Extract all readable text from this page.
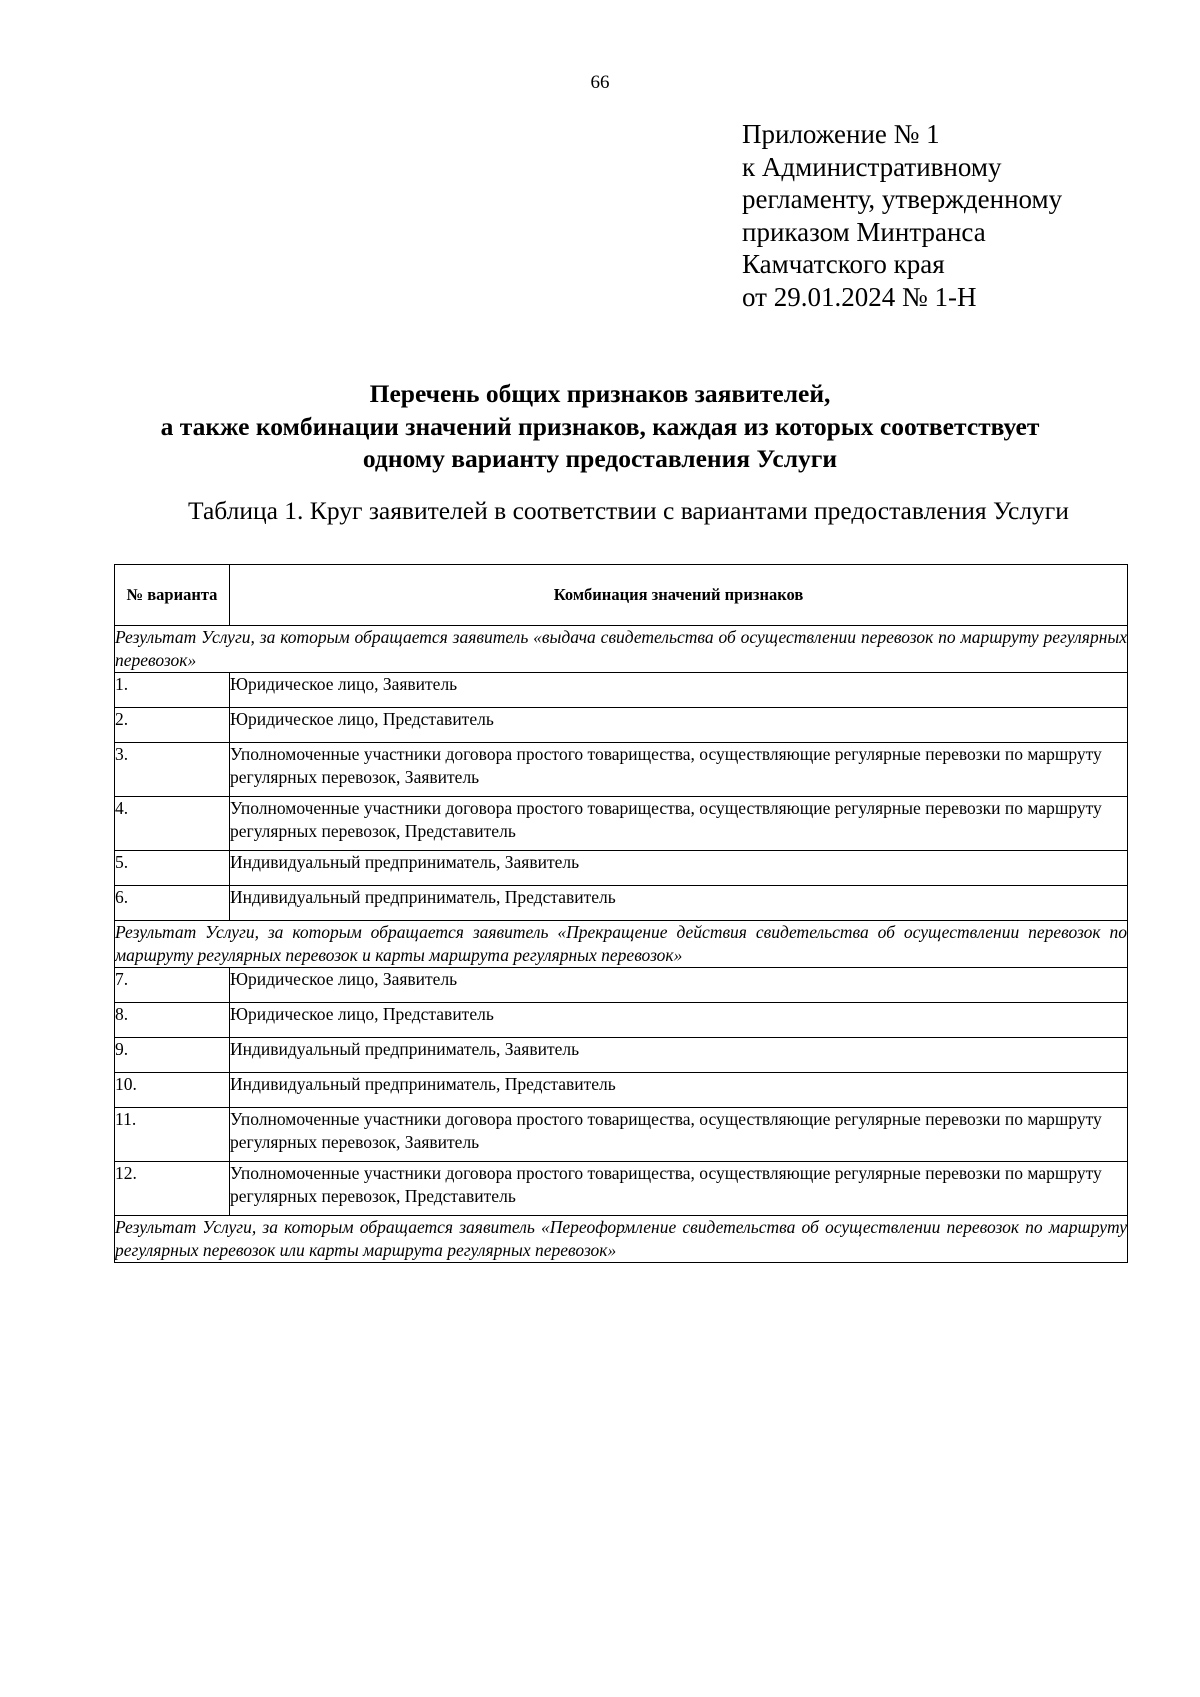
66
Приложение № 1
к Административному
регламенту, утвержденному
приказом Минтранса
Камчатского края
от 29.01.2024 № 1-Н
Перечень общих признаков заявителей,
а также комбинации значений признаков, каждая из которых соответствует
одному варианту предоставления Услуги
Таблица 1. Круг заявителей в соответствии с вариантами предоставления Услуги
№ варианта	Комбинация значений признаков
Результат Услуги, за которым обращается заявитель «выдача свидетельства об осуществлении перевозок по маршруту регулярных перевозок»	
1.	Юридическое лицо, Заявитель
2.	Юридическое лицо, Представитель
3.	Уполномоченные участники договора простого товарищества, осуществляющие регулярные перевозки по маршруту регулярных перевозок, Заявитель
4.	Уполномоченные участники договора простого товарищества, осуществляющие регулярные перевозки по маршруту регулярных перевозок, Представитель
5.	Индивидуальный предприниматель, Заявитель
6.	Индивидуальный предприниматель, Представитель
Результат Услуги, за которым обращается заявитель «Прекращение действия свидетельства об осуществлении перевозок по маршруту регулярных перевозок и карты маршрута регулярных перевозок»	
7.	Юридическое лицо, Заявитель
8.	Юридическое лицо, Представитель
9.	Индивидуальный предприниматель, Заявитель
10.	Индивидуальный предприниматель, Представитель
11.	Уполномоченные участники договора простого товарищества, осуществляющие регулярные перевозки по маршруту регулярных перевозок, Заявитель
12.	Уполномоченные участники договора простого товарищества, осуществляющие регулярные перевозки по маршруту регулярных перевозок, Представитель
Результат Услуги, за которым обращается заявитель «Переоформление свидетельства об осуществлении перевозок по маршруту регулярных перевозок или карты маршрута регулярных перевозок»	
